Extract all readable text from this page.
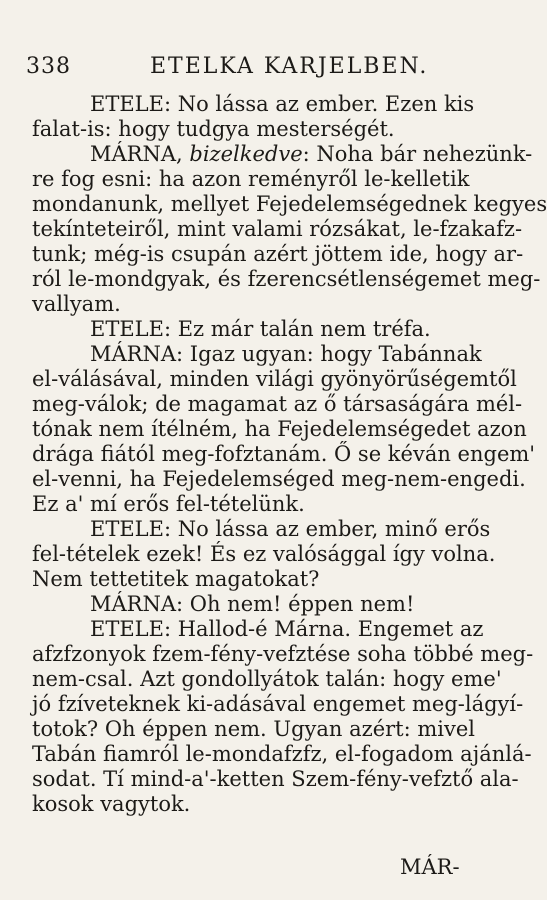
338	ETELKA KARJELBEN.
ETELE: No lássa az ember. Ezen kis
falat-is: hogy tudgya mesterségét.
MÁRNA, bizelkedve: Noha bár nehezünk-
re fog esni: ha azon reményről le-kelletik
mondanunk, mellyet Fejedelemségednek kegyes
tekínteteiről, mint valami rózsákat, le-fzakafz-
tunk; még-is csupán azért jöttem ide, hogy ar-
ról le-mondgyak, és fzerencsétlenségemet meg-
vallyam.
ETELE: Ez már talán nem tréfa.
MÁRNA: Igaz ugyan: hogy Tabánnak
el-válásával, minden világi gyönyörűségemtől
meg-válok; de magamat az ő társaságára mél-
tónak nem ítélném, ha Fejedelemségedet azon
drága fiától meg-fofztanám. Ő se kéván engem'
el-venni, ha Fejedelemséged meg-nem-engedi.
Ez a' mí erős fel-tételünk.
ETELE: No lássa az ember, minő erős
fel-tételek ezek! És ez valósággal így volna.
Nem tettetitek magatokat?
MÁRNA: Oh nem! éppen nem!
ETELE: Hallod-é Márna. Engemet az
afzfzonyok fzem-fény-vefztése soha többé meg-
nem-csal. Azt gondollyátok talán: hogy eme'
jó fzíveteknek ki-adásával engemet meg-lágyí-
totok? Oh éppen nem. Ugyan azért: mivel
Tabán fiamról le-mondafzfz, el-fogadom ajánlá-
sodat. Tí mind-a'-ketten Szem-fény-vefztő ala-
kosok vagytok.
MÁR-
